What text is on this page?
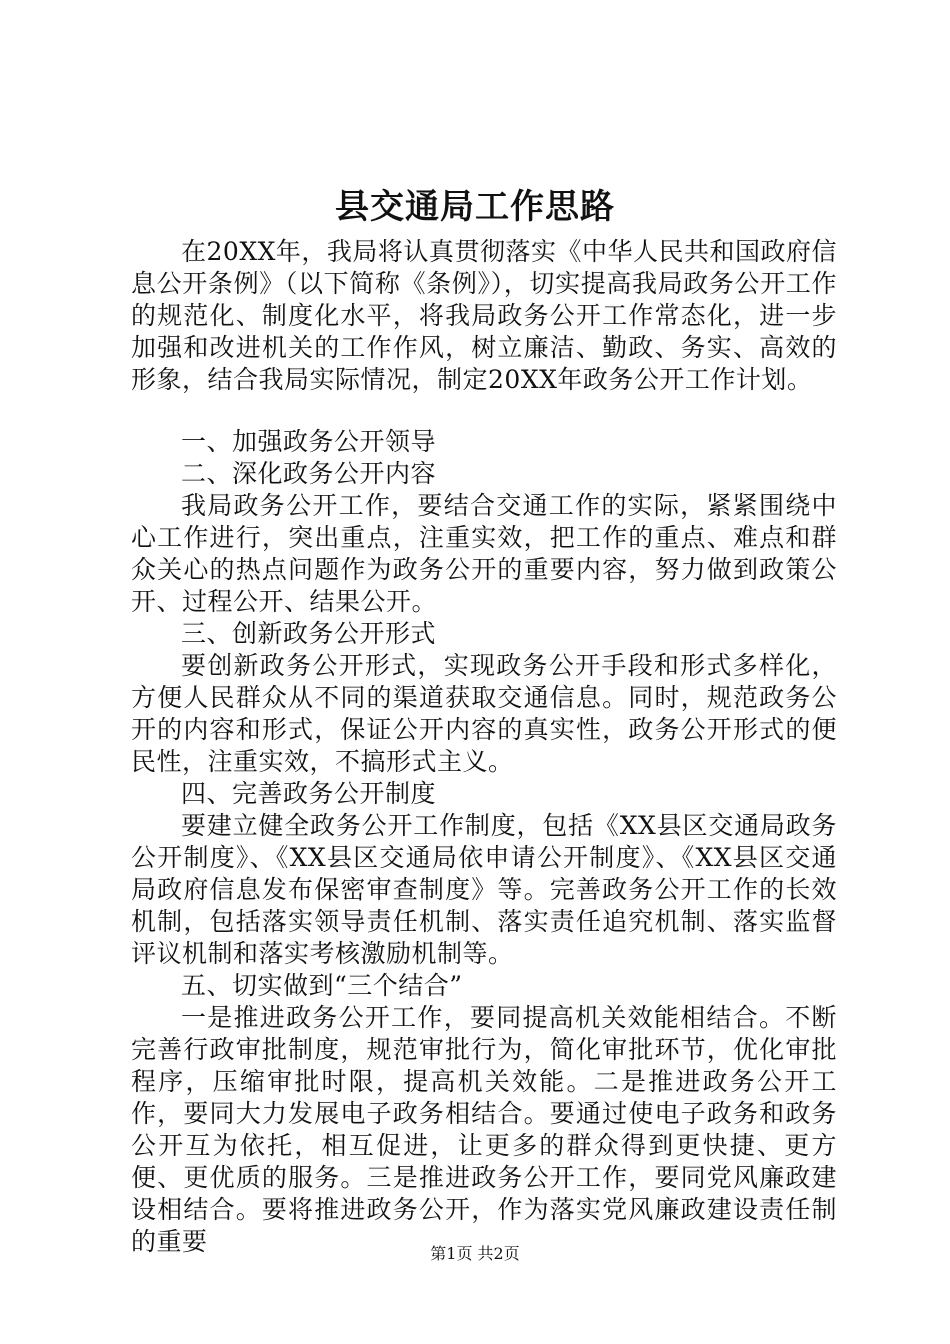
县交通局工作思路

在20XX年，我局将认真贯彻落实《中华人民共和国政府信息公开条例》（以下简称《条例》），切实提高我局政务公开工作的规范化、制度化水平，将我局政务公开工作常态化，进一步加强和改进机关的工作作风，树立廉洁、勤政、务实、高效的形象，结合我局实际情况，制定20XX年政务公开工作计划。

一、加强政务公开领导

二、深化政务公开内容

我局政务公开工作，要结合交通工作的实际，紧紧围绕中心工作进行，突出重点，注重实效，把工作的重点、难点和群众关心的热点问题作为政务公开的重要内容，努力做到政策公开、过程公开、结果公开。

三、创新政务公开形式

要创新政务公开形式，实现政务公开手段和形式多样化，方便人民群众从不同的渠道获取交通信息。同时，规范政务公开的内容和形式，保证公开内容的真实性，政务公开形式的便民性，注重实效，不搞形式主义。

四、完善政务公开制度

要建立健全政务公开工作制度，包括《XX县区交通局政务公开制度》、《XX县区交通局依申请公开制度》、《XX县区交通局政府信息发布保密审查制度》等。完善政务公开工作的长效机制，包括落实领导责任机制、落实责任追究机制、落实监督评议机制和落实考核激励机制等。

五、切实做到“三个结合”

一是推进政务公开工作，要同提高机关效能相结合。不断完善行政审批制度，规范审批行为，简化审批环节，优化审批程序，压缩审批时限，提高机关效能。二是推进政务公开工作，要同大力发展电子政务相结合。要通过使电子政务和政务公开互为依托，相互促进，让更多的群众得到更快捷、更方便、更优质的服务。三是推进政务公开工作，要同党风廉政建设相结合。要将推进政务公开，作为落实党风廉政建设责任制的重要	第1页 共2页
